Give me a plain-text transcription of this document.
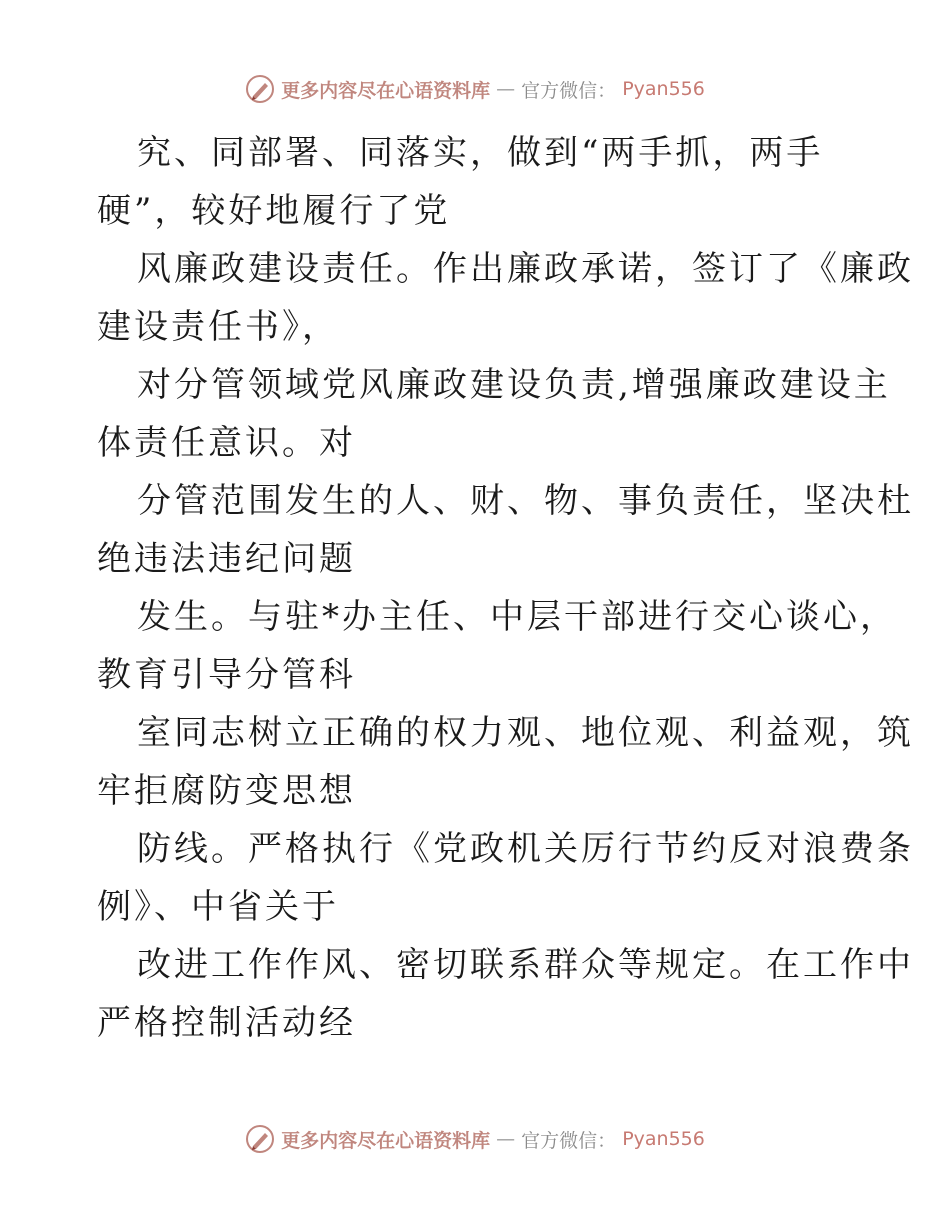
更多内容尽在心语资料库 — 官方微信： Pyan556
究、同部署、同落实，做到“两手抓，两手
硬”，较好地履行了党
风廉政建设责任。作出廉政承诺，签订了《廉政
建设责任书》，
对分管领域党风廉政建设负责,增强廉政建设主
体责任意识。对
分管范围发生的人、财、物、事负责任，坚决杜
绝违法违纪问题
发生。与驻*办主任、中层干部进行交心谈心，
教育引导分管科
室同志树立正确的权力观、地位观、利益观，筑
牢拒腐防变思想
防线。严格执行《党政机关厉行节约反对浪费条
例》、中省关于
改进工作作风、密切联系群众等规定。在工作中
严格控制活动经
更多内容尽在心语资料库 — 官方微信： Pyan556
